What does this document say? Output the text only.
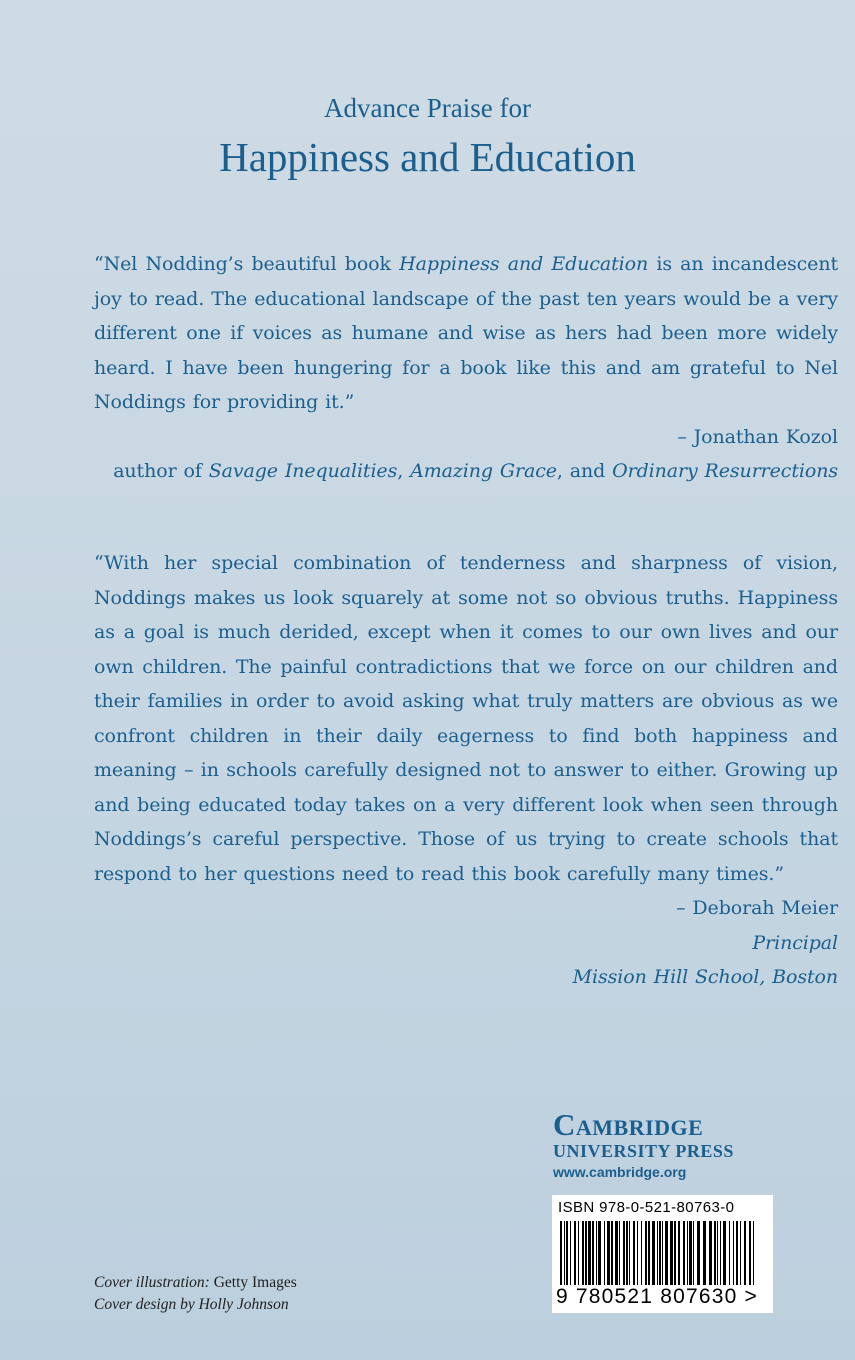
Advance Praise for
Happiness and Education
“Nel Nodding’s beautiful book Happiness and Education is an incandescent joy to read. The educational landscape of the past ten years would be a very different one if voices as humane and wise as hers had been more widely heard. I have been hungering for a book like this and am grateful to Nel Noddings for providing it.”
– Jonathan Kozol
author of Savage Inequalities, Amazing Grace, and Ordinary Resurrections
“With her special combination of tenderness and sharpness of vision, Noddings makes us look squarely at some not so obvious truths. Happiness as a goal is much derided, except when it comes to our own lives and our own children. The painful contradictions that we force on our children and their families in order to avoid asking what truly matters are obvious as we confront children in their daily eagerness to find both happiness and meaning – in schools carefully designed not to answer to either. Growing up and being educated today takes on a very different look when seen through Noddings’s careful perspective. Those of us trying to create schools that respond to her questions need to read this book carefully many times.”
– Deborah Meier
Principal
Mission Hill School, Boston
Cambridge
UNIVERSITY PRESS
www.cambridge.org
ISBN 978-0-521-80763-0
9 780521 807630 >
Cover illustration: Getty Images
Cover design by Holly Johnson
